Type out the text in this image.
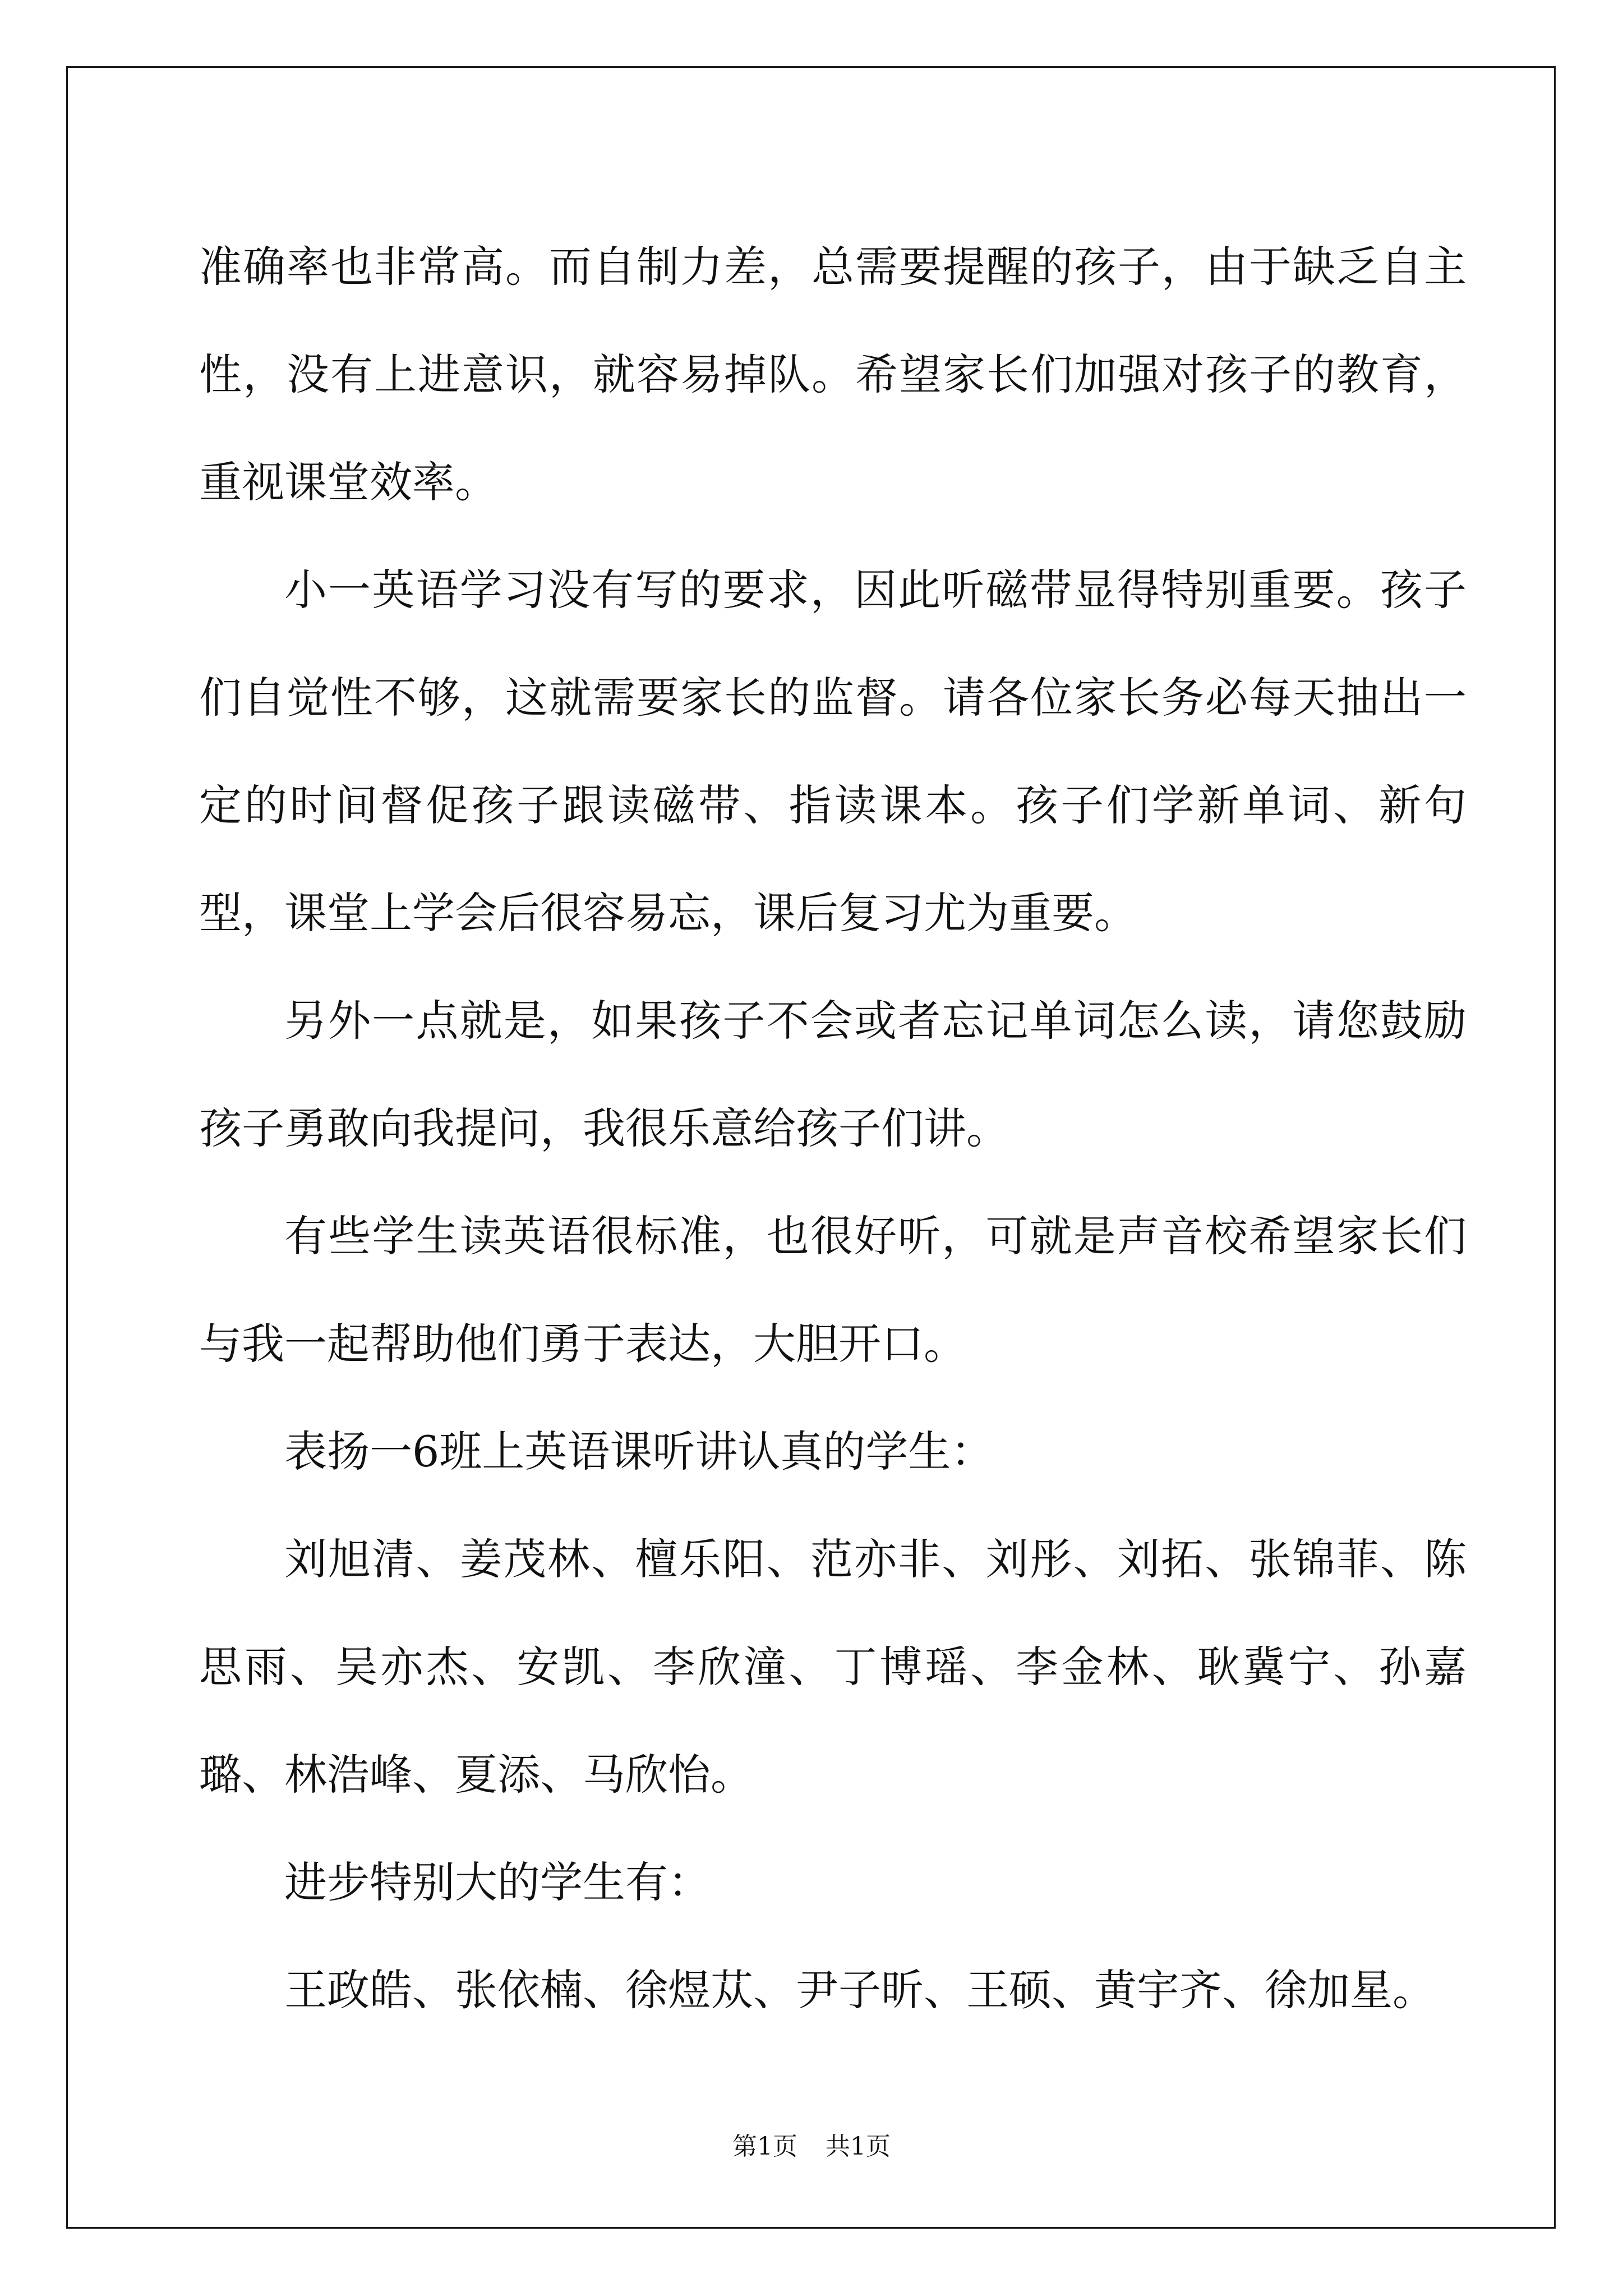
准确率也非常高。而自制力差，总需要提醒的孩子，由于缺乏自主性，没有上进意识，就容易掉队。希望家长们加强对孩子的教育，重视课堂效率。

小一英语学习没有写的要求，因此听磁带显得特别重要。孩子们自觉性不够，这就需要家长的监督。请各位家长务必每天抽出一定的时间督促孩子跟读磁带、指读课本。孩子们学新单词、新句型，课堂上学会后很容易忘，课后复习尤为重要。

另外一点就是，如果孩子不会或者忘记单词怎么读，请您鼓励孩子勇敢向我提问，我很乐意给孩子们讲。

有些学生读英语很标准，也很好听，可就是声音校希望家长们与我一起帮助他们勇于表达，大胆开口。

表扬一6班上英语课听讲认真的学生：

刘旭清、姜茂林、檀乐阳、范亦非、刘彤、刘拓、张锦菲、陈思雨、吴亦杰、安凯、李欣潼、丁博瑶、李金林、耿冀宁、孙嘉璐、林浩峰、夏添、马欣怡。

进步特别大的学生有：

王政皓、张依楠、徐煜苁、尹子昕、王硕、黄宇齐、徐加星。

第1页 共1页
